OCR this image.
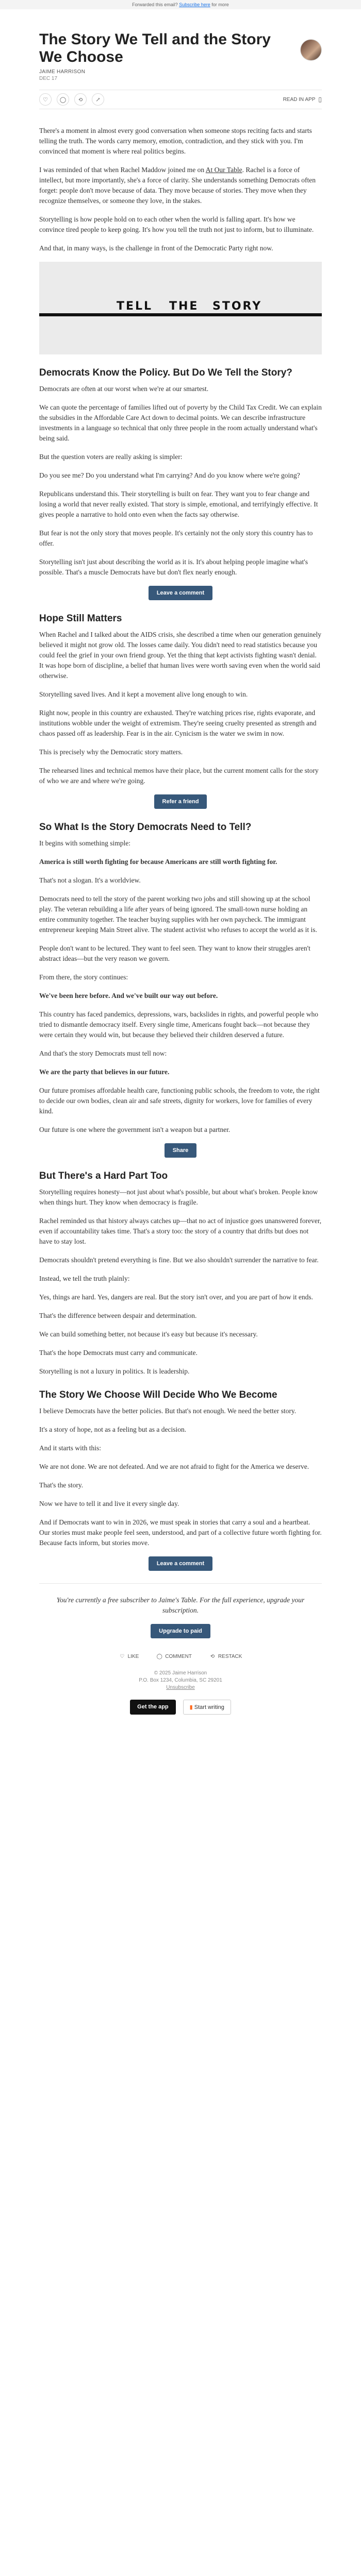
Forwarded this email? Subscribe here for more
The Story We Tell and the Story We Choose
JAIME HARRISON
DEC 17
♡	◯	⟲	↗	READ IN APP ▯

There's a moment in almost every good conversation when someone stops reciting facts and starts telling the truth. The words carry memory, emotion, contradiction, and they stick with you. I'm convinced that moment is where real politics begins.

I was reminded of that when Rachel Maddow joined me on At Our Table. Rachel is a force of intellect, but more importantly, she's a force of clarity. She understands something Democrats often forget: people don't move because of data. They move because of stories. They move when they recognize themselves, or someone they love, in the stakes.

Storytelling is how people hold on to each other when the world is falling apart. It's how we convince tired people to keep going. It's how you tell the truth not just to inform, but to illuminate.

And that, in many ways, is the challenge in front of the Democratic Party right now.

TELL THE STORY
Democrats Know the Policy. But Do We Tell the Story?

Democrats are often at our worst when we're at our smartest.

We can quote the percentage of families lifted out of poverty by the Child Tax Credit. We can explain the subsidies in the Affordable Care Act down to decimal points. We can describe infrastructure investments in a language so technical that only three people in the room actually understand what's being said.

But the question voters are really asking is simpler:

Do you see me? Do you understand what I'm carrying? And do you know where we're going?

Republicans understand this. Their storytelling is built on fear. They want you to fear change and losing a world that never really existed. That story is simple, emotional, and terrifyingly effective. It gives people a narrative to hold onto even when the facts say otherwise.

But fear is not the only story that moves people. It's certainly not the only story this country has to offer.

Storytelling isn't just about describing the world as it is. It's about helping people imagine what's possible. That's a muscle Democrats have but don't flex nearly enough.

Leave a comment
Hope Still Matters

When Rachel and I talked about the AIDS crisis, she described a time when our generation genuinely believed it might not grow old. The losses came daily. You didn't need to read statistics because you could feel the grief in your own friend group. Yet the thing that kept activists fighting wasn't denial. It was hope born of discipline, a belief that human lives were worth saving even when the world said otherwise.

Storytelling saved lives. And it kept a movement alive long enough to win.

Right now, people in this country are exhausted. They're watching prices rise, rights evaporate, and institutions wobble under the weight of extremism. They're seeing cruelty presented as strength and chaos passed off as leadership. Fear is in the air. Cynicism is the water we swim in now.

This is precisely why the Democratic story matters.

The rehearsed lines and technical memos have their place, but the current moment calls for the story of who we are and where we're going.

Refer a friend
So What Is the Story Democrats Need to Tell?

It begins with something simple:

America is still worth fighting for because Americans are still worth fighting for.

That's not a slogan. It's a worldview.

Democrats need to tell the story of the parent working two jobs and still showing up at the school play. The veteran rebuilding a life after years of being ignored. The small-town nurse holding an entire community together. The teacher buying supplies with her own paycheck. The immigrant entrepreneur keeping Main Street alive. The student activist who refuses to accept the world as it is.

People don't want to be lectured. They want to feel seen. They want to know their struggles aren't abstract ideas—but the very reason we govern.

From there, the story continues:

We've been here before. And we've built our way out before.

This country has faced pandemics, depressions, wars, backslides in rights, and powerful people who tried to dismantle democracy itself. Every single time, Americans fought back—not because they were certain they would win, but because they believed their children deserved a future.

And that's the story Democrats must tell now:

We are the party that believes in our future.

Our future promises affordable health care, functioning public schools, the freedom to vote, the right to decide our own bodies, clean air and safe streets, dignity for workers, love for families of every kind.

Our future is one where the government isn't a weapon but a partner.

Share
But There's a Hard Part Too

Storytelling requires honesty—not just about what's possible, but about what's broken. People know when things hurt. They know when democracy is fragile.

Rachel reminded us that history always catches up—that no act of injustice goes unanswered forever, even if accountability takes time. That's a story too: the story of a country that drifts but does not have to stay lost.

Democrats shouldn't pretend everything is fine. But we also shouldn't surrender the narrative to fear.

Instead, we tell the truth plainly:

Yes, things are hard. Yes, dangers are real. But the story isn't over, and you are part of how it ends.

That's the difference between despair and determination.

We can build something better, not because it's easy but because it's necessary.

That's the hope Democrats must carry and communicate.

Storytelling is not a luxury in politics. It is leadership.

The Story We Choose Will Decide Who We Become

I believe Democrats have the better policies. But that's not enough. We need the better story.

It's a story of hope, not as a feeling but as a decision.

And it starts with this:

We are not done. We are not defeated. And we are not afraid to fight for the America we deserve.

That's the story.

Now we have to tell it and live it every single day.

And if Democrats want to win in 2026, we must speak in stories that carry a soul and a heartbeat. Our stories must make people feel seen, understood, and part of a collective future worth fighting for. Because facts inform, but stories move.

Leave a comment

You're currently a free subscriber to Jaime's Table. For the full experience, upgrade your subscription.

Upgrade to paid
♡ LIKE	◯ COMMENT	⟲ RESTACK
© 2025 Jaime Harrison
P.O. Box 1234, Columbia, SC 29201
Unsubscribe
Get the app	▮ Start writing
